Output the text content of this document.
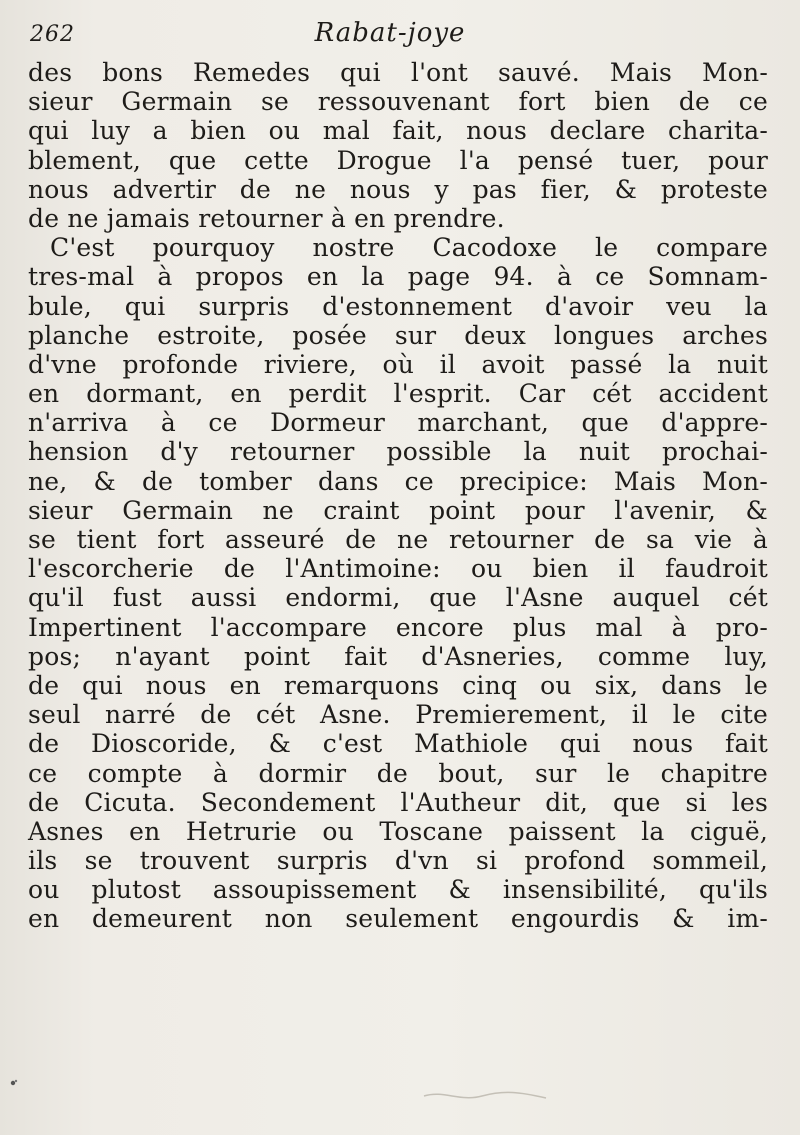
262	Rabat-joye
des bons Remedes qui l'ont sauvé. Mais Mon-
sieur Germain se ressouvenant fort bien de ce
qui luy a bien ou mal fait, nous declare charita-
blement, que cette Drogue l'a pensé tuer, pour
nous advertir de ne nous y pas fier, & proteste
de ne jamais retourner à en prendre.
C'est pourquoy nostre Cacodoxe le compare
tres-mal à propos en la page 94. à ce Somnam-
bule, qui surpris d'estonnement d'avoir veu la
planche estroite, posée sur deux longues arches
d'vne profonde riviere, où il avoit passé la nuit
en dormant, en perdit l'esprit. Car cét accident
n'arriva à ce Dormeur marchant, que d'appre-
hension d'y retourner possible la nuit prochai-
ne, & de tomber dans ce precipice: Mais Mon-
sieur Germain ne craint point pour l'avenir, &
se tient fort asseuré de ne retourner de sa vie à
l'escorcherie de l'Antimoine: ou bien il faudroit
qu'il fust aussi endormi, que l'Asne auquel cét
Impertinent l'accompare encore plus mal à pro-
pos; n'ayant point fait d'Asneries, comme luy,
de qui nous en remarquons cinq ou six, dans le
seul narré de cét Asne. Premierement, il le cite
de Dioscoride, & c'est Mathiole qui nous fait
ce compte à dormir de bout, sur le chapitre
de Cicuta. Secondement l'Autheur dit, que si les
Asnes en Hetrurie ou Toscane paissent la ciguë,
ils se trouvent surpris d'vn si profond sommeil,
ou plutost assoupissement & insensibilité, qu'ils
en demeurent non seulement engourdis & im-
